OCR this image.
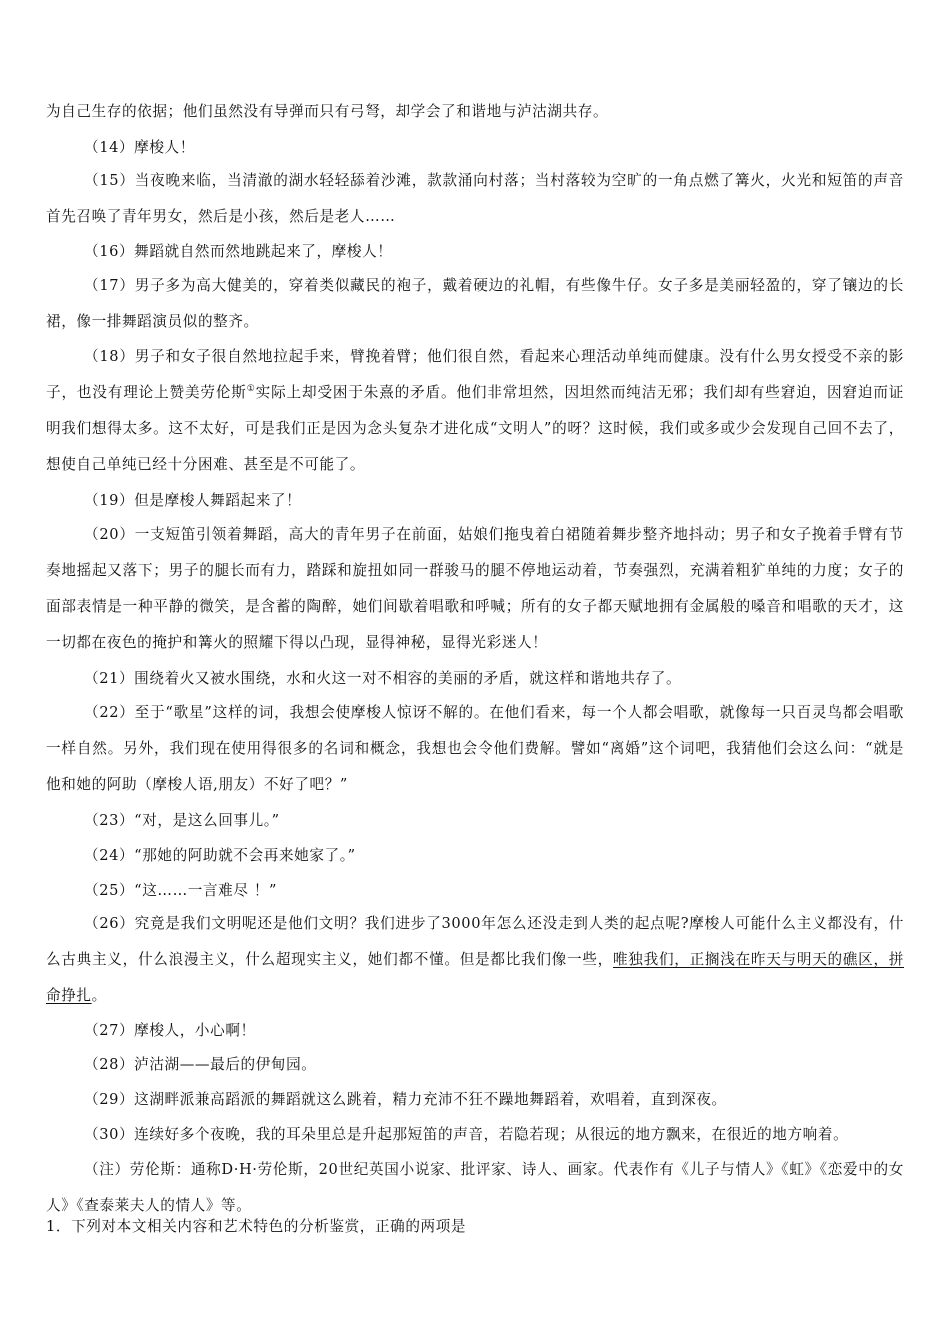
为自己生存的依据；他们虽然没有导弹而只有弓弩，却学会了和谐地与泸沽湖共存。

（14）摩梭人！

（15）当夜晚来临，当清澈的湖水轻轻舔着沙滩，款款涌向村落；当村落较为空旷的一角点燃了篝火，火光和短笛的声音首先召唤了青年男女，然后是小孩，然后是老人……

（16）舞蹈就自然而然地跳起来了，摩梭人！

（17）男子多为高大健美的，穿着类似藏民的袍子，戴着硬边的礼帽，有些像牛仔。女子多是美丽轻盈的，穿了镶边的长裙，像一排舞蹈演员似的整齐。

（18）男子和女子很自然地拉起手来，臂挽着臂；他们很自然，看起来心理活动单纯而健康。没有什么男女授受不亲的影子，也没有理论上赞美劳伦斯①实际上却受困于朱熹的矛盾。他们非常坦然，因坦然而纯洁无邪；我们却有些窘迫，因窘迫而证明我们想得太多。这不太好，可是我们正是因为念头复杂才进化成“文明人”的呀？这时候，我们或多或少会发现自己回不去了，想使自己单纯已经十分困难、甚至是不可能了。

（19）但是摩梭人舞蹈起来了！

（20）一支短笛引领着舞蹈，高大的青年男子在前面，姑娘们拖曳着白裙随着舞步整齐地抖动；男子和女子挽着手臂有节奏地摇起又落下；男子的腿长而有力，踏踩和旋扭如同一群骏马的腿不停地运动着，节奏强烈，充满着粗犷单纯的力度；女子的面部表情是一种平静的微笑，是含蓄的陶醉，她们间歇着唱歌和呼喊；所有的女子都天赋地拥有金属般的嗓音和唱歌的天才，这一切都在夜色的掩护和篝火的照耀下得以凸现，显得神秘，显得光彩迷人！

（21）围绕着火又被水围绕，水和火这一对不相容的美丽的矛盾，就这样和谐地共存了。

（22）至于“歌星”这样的词，我想会使摩梭人惊讶不解的。在他们看来，每一个人都会唱歌，就像每一只百灵鸟都会唱歌一样自然。另外，我们现在使用得很多的名词和概念，我想也会令他们费解。譬如“离婚”这个词吧，我猜他们会这么问：“就是他和她的阿助（摩梭人语,朋友）不好了吧？”

（23）“对，是这么回事儿。”

（24）“那她的阿助就不会再来她家了。”

（25）“这……一言难尽 ！”

（26）究竟是我们文明呢还是他们文明？我们进步了3000年怎么还没走到人类的起点呢?摩梭人可能什么主义都没有，什么古典主义，什么浪漫主义，什么超现实主义，她们都不懂。但是都比我们像一些，唯独我们，正搁浅在昨天与明天的礁区，拼命挣扎。

（27）摩梭人，小心啊！

（28）泸沽湖——最后的伊甸园。

（29）这湖畔派兼高蹈派的舞蹈就这么跳着，精力充沛不狂不躁地舞蹈着，欢唱着，直到深夜。

（30）连续好多个夜晚，我的耳朵里总是升起那短笛的声音，若隐若现；从很远的地方飘来，在很近的地方响着。

（注）劳伦斯：通称D·H·劳伦斯，20世纪英国小说家、批评家、诗人、画家。代表作有《儿子与情人》《虹》《恋爱中的女人》《查泰莱夫人的情人》等。

1．下列对本文相关内容和艺术特色的分析鉴赏，正确的两项是
